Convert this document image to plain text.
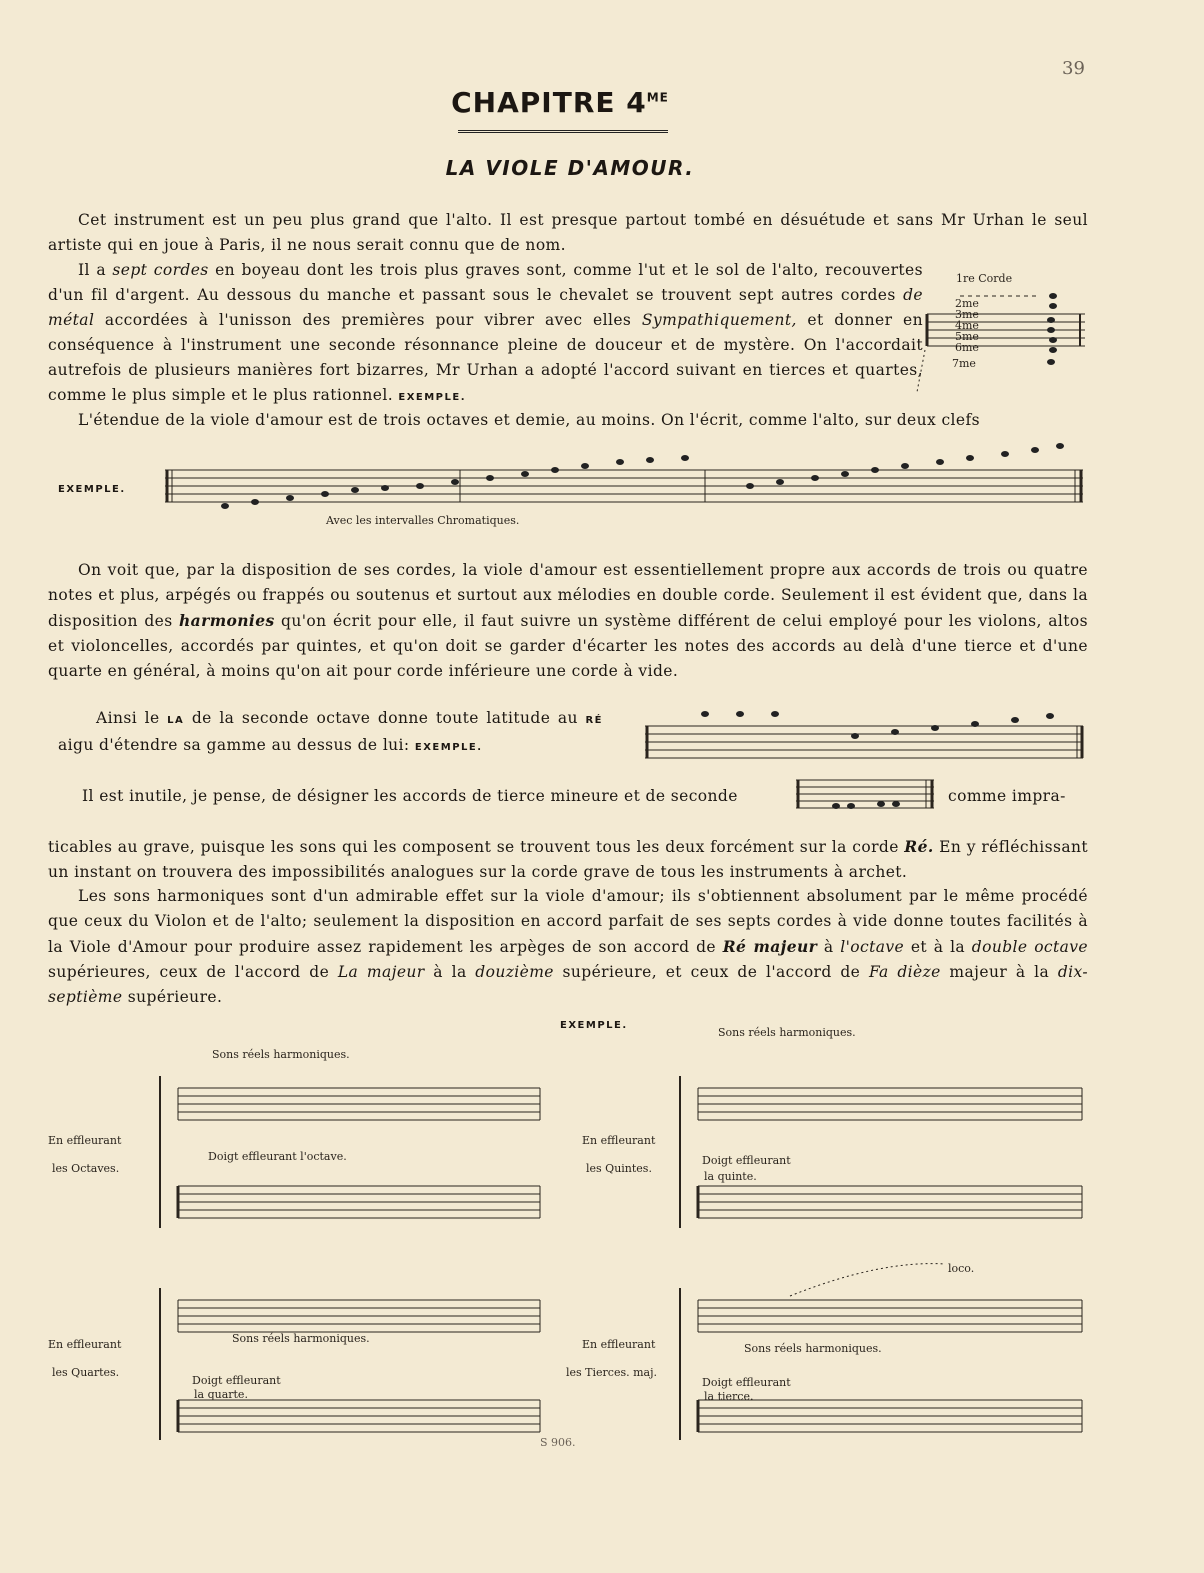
39
CHAPITRE $4^{ME}$
LA VIOLE D'AMOUR.
Cet instrument est un peu plus grand que l'alto. Il est presque partout tombé en désuétude et sans Mr Urhan le seul artiste qui en joue à Paris, il ne nous serait connu que de nom.
Il a sept cordes en boyeau dont les trois plus graves sont, comme l'ut et le sol de l'alto, recouvertes d'un fil d'argent. Au dessous du manche et passant sous le chevalet se trouvent sept autres cordes de métal accordées à l'unisson des premières pour vibrer avec elles Sympathiquement, et donner en conséquence à l'instrument une seconde résonnance pleine de douceur et de mystère. On l'accordait autrefois de plusieurs manières fort bizarres, Mr Urhan a adopté l'accord suivant en tierces et quartes, comme le plus simple et le plus rationnel. EXEMPLE.
1re Corde
2me
3me
4me
5me
6me
7me
L'étendue de la viole d'amour est de trois octaves et demie, au moins. On l'écrit, comme l'alto, sur deux clefs
EXEMPLE.
Avec les intervalles Chromatiques.
On voit que, par la disposition de ses cordes, la viole d'amour est essentiellement propre aux accords de trois ou quatre notes et plus, arpégés ou frappés ou soutenus et surtout aux mélodies en double corde. Seulement il est évident que, dans la disposition des harmonies qu'on écrit pour elle, il faut suivre un système différent de celui employé pour les violons, altos et violoncelles, accordés par quintes, et qu'on doit se garder d'écarter les notes des accords au delà d'une tierce et d'une quarte en général, à moins qu'on ait pour corde inférieure une corde à vide.
Ainsi le LA de la seconde octave donne toute latitude au RÉ aigu d'étendre sa gamme au dessus de lui: EXEMPLE.
Il est inutile, je pense, de désigner les accords de tierce mineure et de seconde	comme impra-
ticables au grave, puisque les sons qui les composent se trouvent tous les deux forcément sur la corde Ré. En y réfléchissant un instant on trouvera des impossibilités analogues sur la corde grave de tous les instruments à archet.
Les sons harmoniques sont d'un admirable effet sur la viole d'amour; ils s'obtiennent absolument par le même procédé que ceux du Violon et de l'alto; seulement la disposition en accord parfait de ses septs cordes à vide donne toutes facilités à la Viole d'Amour pour produire assez rapidement les arpèges de son accord de Ré majeur à l'octave et à la double octave supérieures, ceux de l'accord de La majeur à la douzième supérieure, et ceux de l'accord de Fa dièze majeur à la dix-septième supérieure.
EXEMPLE.
Sons réels harmoniques.
En effleurant
les Octaves.
Doigt effleurant l'octave.
Sons réels harmoniques.
En effleurant
les Quintes.
Doigt effleurant
la quinte.
Sons réels harmoniques.
En effleurant
les Quartes.
Doigt effleurant
la quarte.
loco.
Sons réels harmoniques.
En effleurant
les Tierces. maj.
Doigt effleurant
la tierce.
S 906.
